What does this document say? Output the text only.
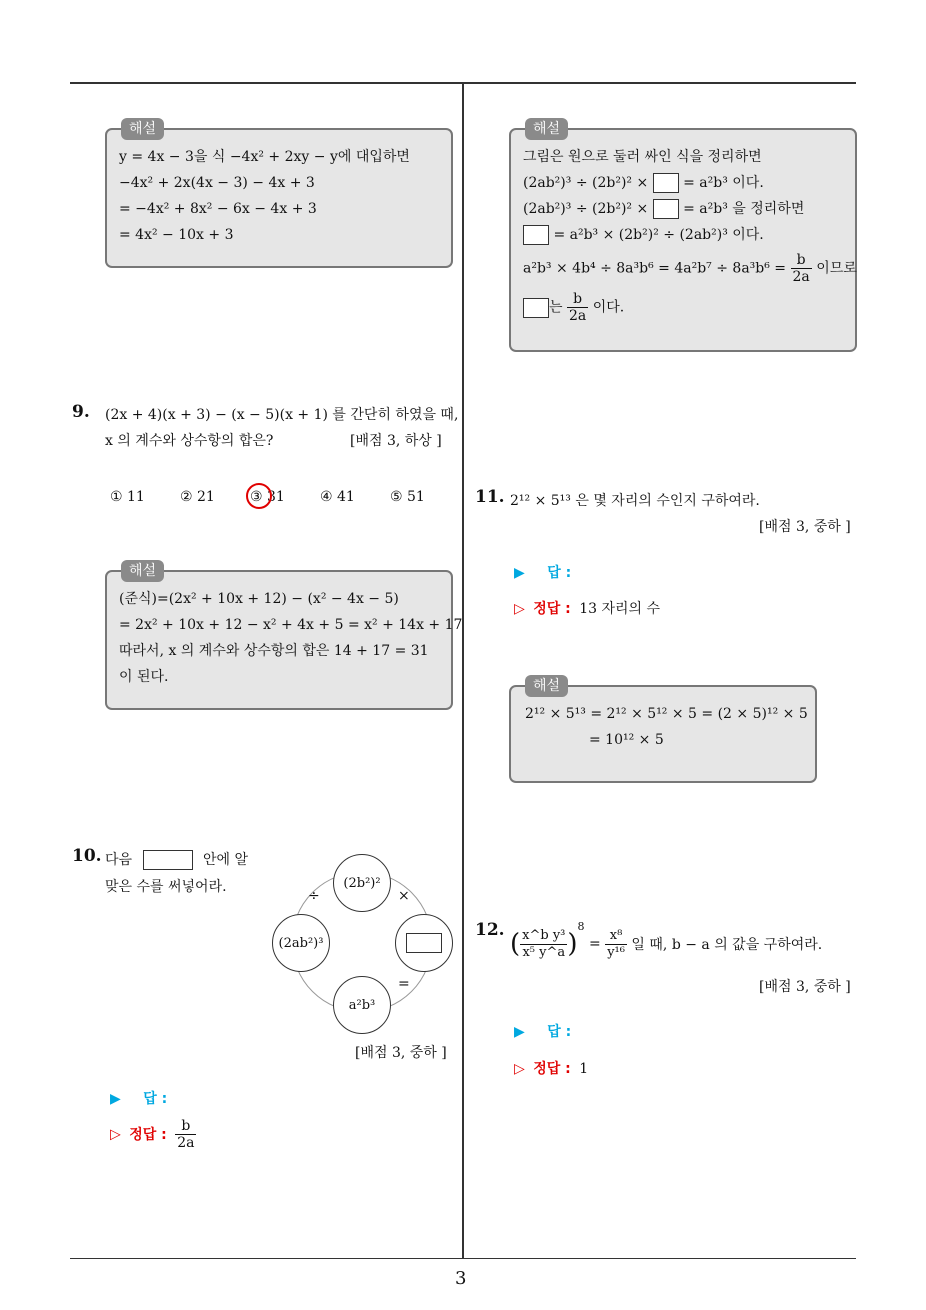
3
해설
y = 4x − 3을 식 −4x² + 2xy − y에 대입하면
−4x² + 2x(4x − 3) − 4x + 3
= −4x² + 8x² − 6x − 4x + 3
= 4x² − 10x + 3
9. (2x + 4)(x + 3) − (x − 5)(x + 1) 를 간단히 하였을 때,
x 의 계수와 상수항의 합은?	[배점 3, 하상 ]
① 11	② 21	③ 31	④ 41	⑤ 51
해설
(준식)=(2x² + 10x + 12) − (x² − 4x − 5)
= 2x² + 10x + 12 − x² + 4x + 5 = x² + 14x + 17
따라서, x 의 계수와 상수항의 합은 14 + 17 = 31
이 된다.
10. 다음	안에 알
맞은 수를 써넣어라.	(2b²)²
(2ab²)³
a²b³
÷	×
=
[배점 3, 중하 ]
▶ 답 :
▷ 정답 : $\frac{b}{2a}$
해설
그림은 원으로 둘러 싸인 식을 정리하면
(2ab²)³ ÷ (2b²)² × = a²b³ 이다.
(2ab²)³ ÷ (2b²)² × = a²b³ 을 정리하면
= a²b³ × (2b²)² ÷ (2ab²)³ 이다.
$a^2b^3 \times 4b^4 \div 8a^3b^6 = 4a^2b^7 \div 8a^3b^6 = \frac{b}{2a}$ 이므로
는 $\frac{b}{2a}$ 이다.
11. 2¹² × 5¹³ 은 몇 자리의 수인지 구하여라.
[배점 3, 중하 ]
▶ 답 :
▷ 정답 : 13 자리의 수
해설
2¹² × 5¹³ = 2¹² × 5¹² × 5 = (2 × 5)¹² × 5
= 10¹² × 5
12. ( $\frac{\text{x\textasciicircum{}b y³}}{\text{x⁵ y\textasciicircum{}a}} )^8 = \frac{\text{x⁸}}{\text{y¹⁶}}$ 일 때, b − a 의 값을 구하여라.
[배점 3, 중하 ]
▶ 답 :
▷ 정답 : 1
